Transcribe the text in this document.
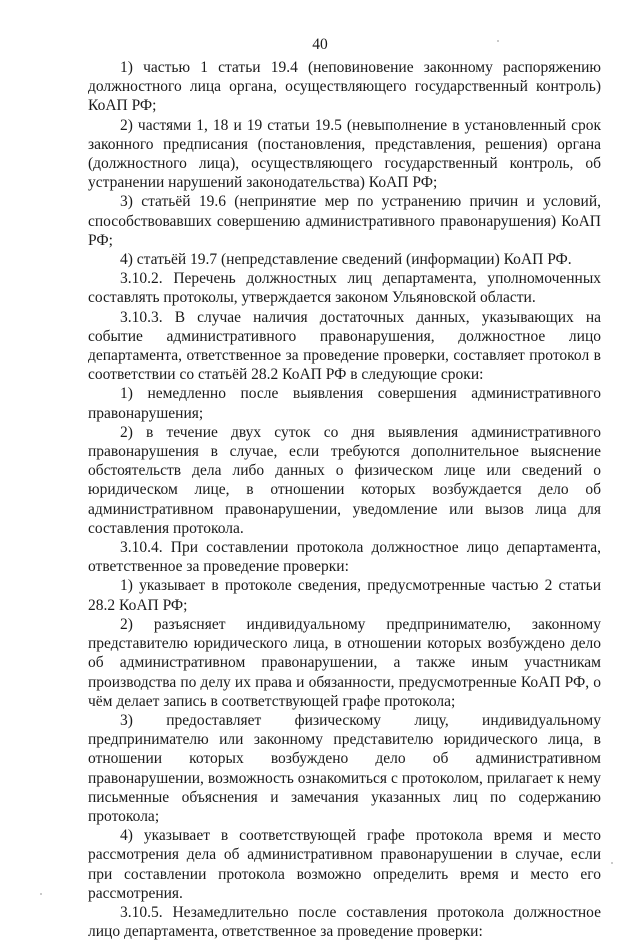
40

1) частью 1 статьи 19.4 (неповиновение законному распоряжению должностного лица органа, осуществляющего государственный контроль) КоАП РФ;

2) частями 1, 18 и 19 статьи 19.5 (невыполнение в установленный срок законного предписания (постановления, представления, решения) органа (должностного лица), осуществляющего государственный контроль, об устранении нарушений законодательства) КоАП РФ;

3) статьёй 19.6 (непринятие мер по устранению причин и условий, способствовавших совершению административного правонарушения) КоАП РФ;

4) статьёй 19.7 (непредставление сведений (информации) КоАП РФ.

3.10.2. Перечень должностных лиц департамента, уполномоченных составлять протоколы, утверждается законом Ульяновской области.

3.10.3. В случае наличия достаточных данных, указывающих на событие административного правонарушения, должностное лицо департамента, ответственное за проведение проверки, составляет протокол в соответствии со статьёй 28.2 КоАП РФ в следующие сроки:

1) немедленно после выявления совершения административного правонарушения;

2) в течение двух суток со дня выявления административного правонарушения в случае, если требуются дополнительное выяснение обстоятельств дела либо данных о физическом лице или сведений о юридическом лице, в отношении которых возбуждается дело об административном правонарушении, уведомление или вызов лица для составления протокола.

3.10.4. При составлении протокола должностное лицо департамента, ответственное за проведение проверки:

1) указывает в протоколе сведения, предусмотренные частью 2 статьи 28.2 КоАП РФ;

2) разъясняет индивидуальному предпринимателю, законному представителю юридического лица, в отношении которых возбуждено дело об административном правонарушении, а также иным участникам производства по делу их права и обязанности, предусмотренные КоАП РФ, о чём делает запись в соответствующей графе протокола;

3) предоставляет физическому лицу, индивидуальному предпринимателю или законному представителю юридического лица, в отношении которых возбуждено дело об административном правонарушении, возможность ознакомиться с протоколом, прилагает к нему письменные объяснения и замечания указанных лиц по содержанию протокола;

4) указывает в соответствующей графе протокола время и место рассмотрения дела об административном правонарушении в случае, если при составлении протокола возможно определить время и место его рассмотрения.

3.10.5. Незамедлительно после составления протокола должностное лицо департамента, ответственное за проведение проверки:
